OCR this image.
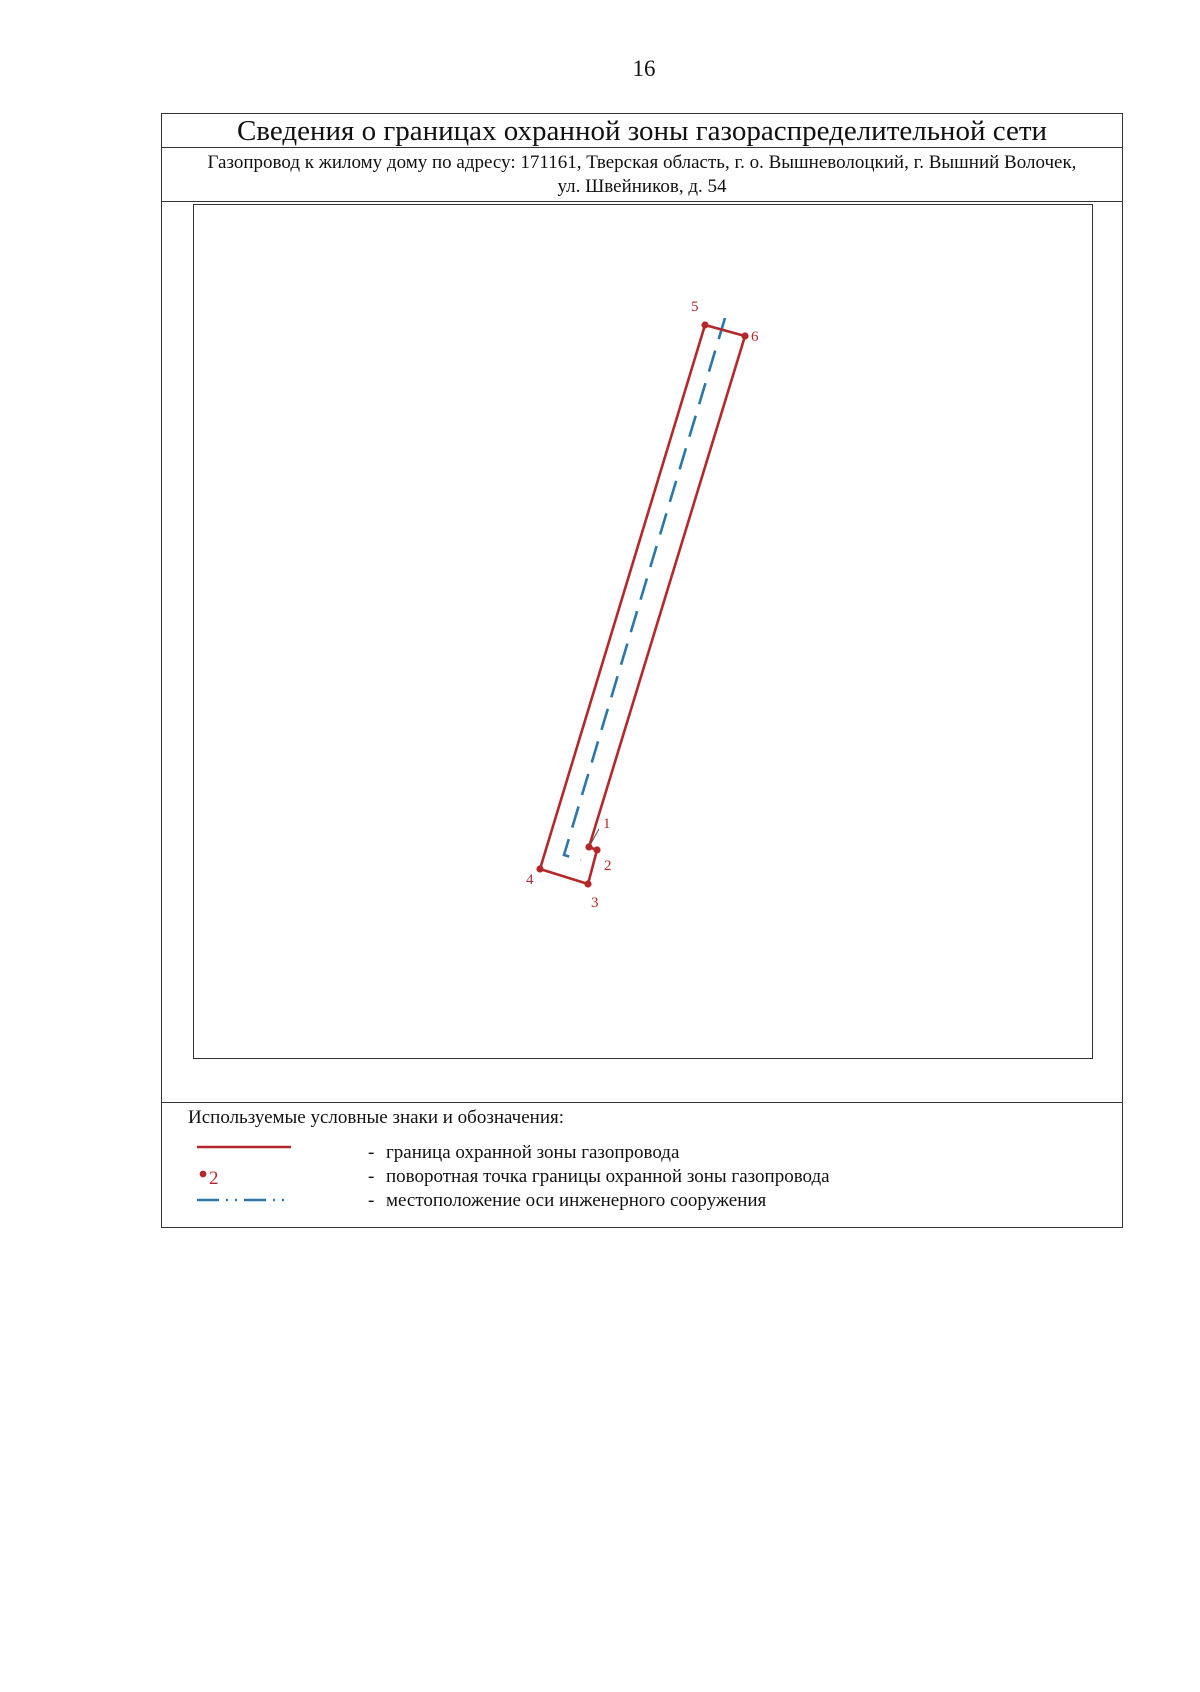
16
Сведения о границах охранной зоны газораспределительной сети
Газопровод к жилому дому по адресу: 171161, Тверская область, г. о. Вышневолоцкий, г. Вышний Волочек,
ул. Швейников, д. 54
1
2
3
4
5
6
Используемые условные знаки и обозначения:
- граница охранной зоны газопровода
2	- поворотная точка границы охранной зоны газопровода
- местоположение оси инженерного сооружения
